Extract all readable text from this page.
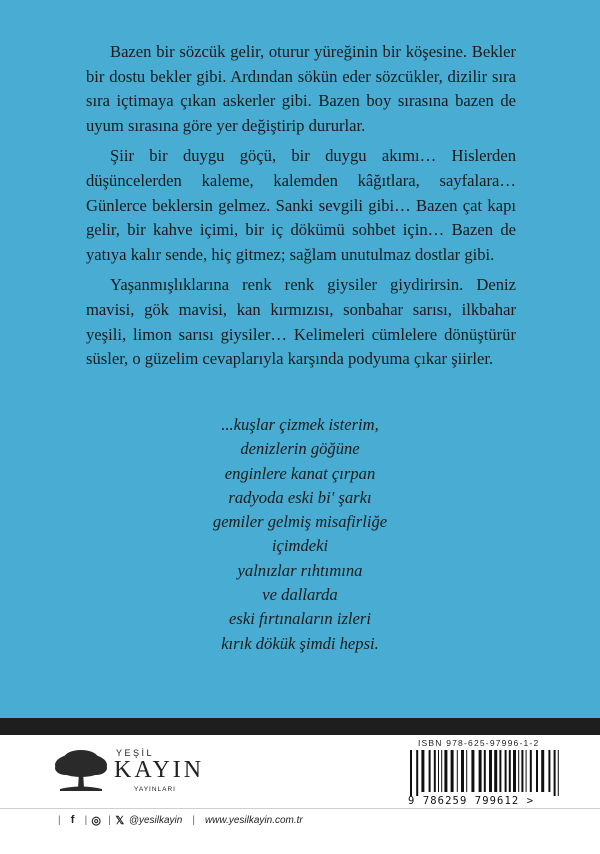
Bazen bir sözcük gelir, oturur yüreğinin bir köşesine. Bekler bir dostu bekler gibi. Ardından sökün eder sözcükler, dizilir sıra sıra içtimaya çıkan askerler gibi. Bazen boy sırasına bazen de uyum sırasına göre yer değiştirip dururlar.

Şiir bir duygu göçü, bir duygu akımı… Hislerden düşüncelerden kaleme, kalemden kâğıtlara, sayfalara… Günlerce beklersin gelmez. Sanki sevgili gibi… Bazen çat kapı gelir, bir kahve içimi, bir iç dökümü sohbet için… Bazen de yatıya kalır sende, hiç gitmez; sağlam unutulmaz dostlar gibi.

Yaşanmışlıklarına renk renk giysiler giydirirsin. Deniz mavisi, gök mavisi, kan kırmızısı, sonbahar sarısı, ilkbahar yeşili, limon sarısı giysiler… Kelimeleri cümlelere dönüştürür süsler, o güzelim cevaplarıyla karşında podyuma çıkar şiirler.

...kuşlar çizmek isterim,
denizlerin göğüne
enginlere kanat çırpan
radyoda eski bi' şarkı
gemiler gelmiş misafirliğe
içimdeki
yalnızlar rıhtımına
ve dallarda
eski fırtınaların izleri
kırık dökük şimdi hepsi.
YEŞİL
KAYIN
YAYINLARI
ISBN 978-625-97996-1-2
9 786259 799612 >
| f	| ◎ | 𝕏 @yesilkayin | www.yesilkayin.com.tr
